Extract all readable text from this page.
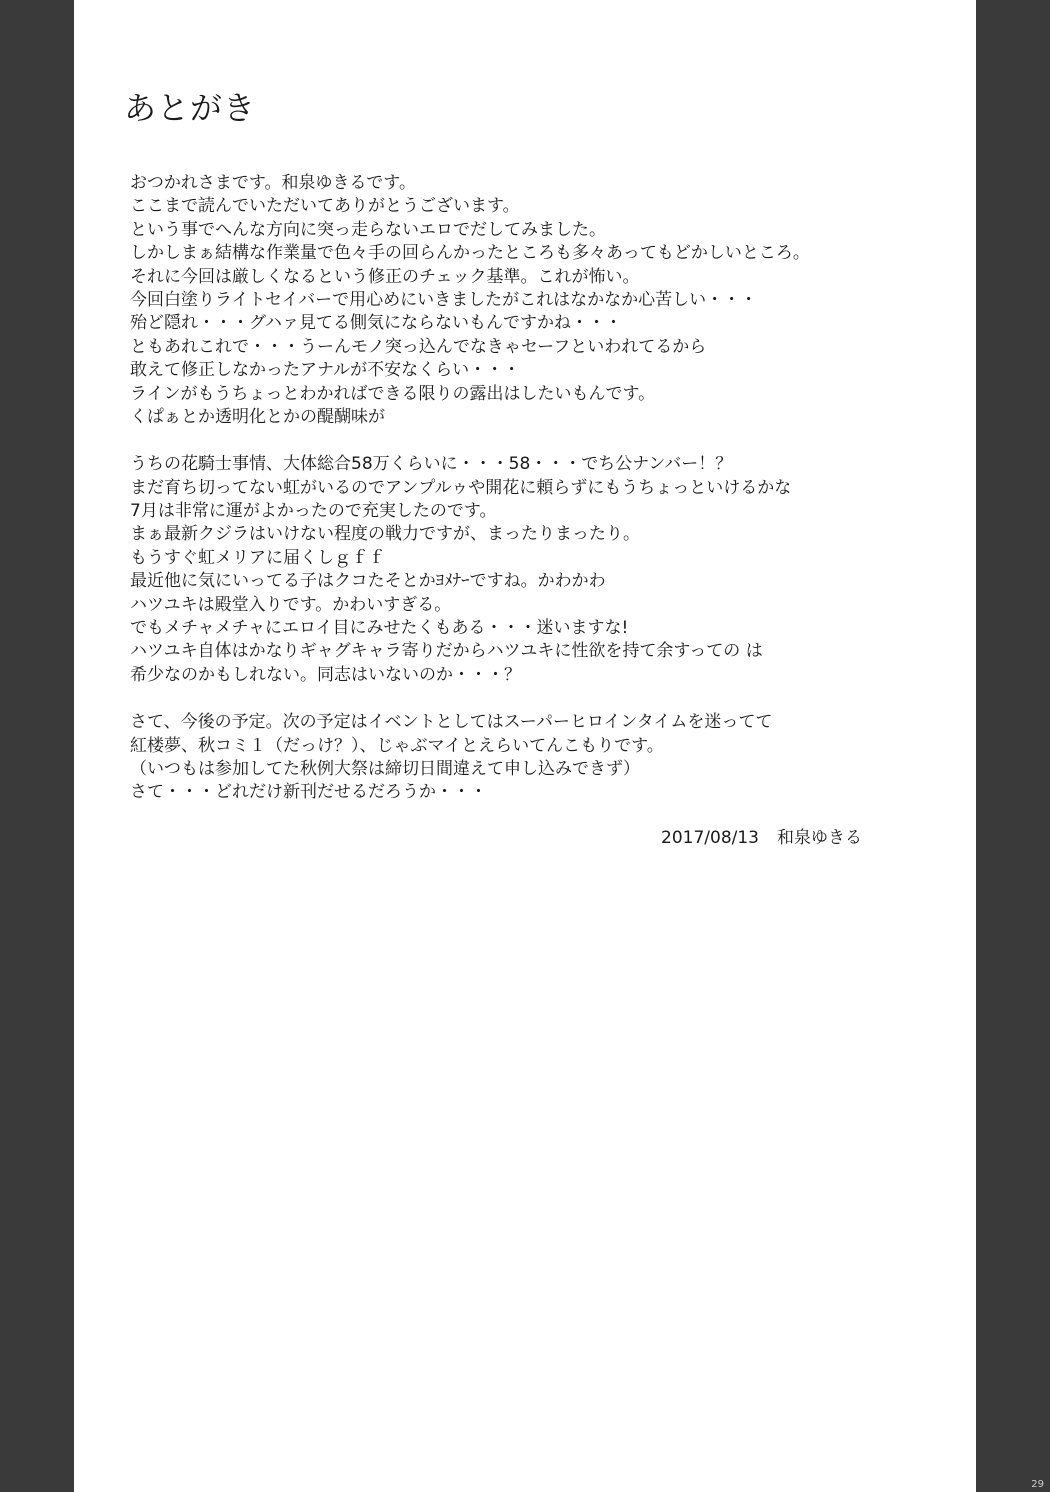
あとがき
おつかれさまです。和泉ゆきるです。
ここまで読んでいただいてありがとうございます。
という事でへんな方向に突っ走らないエロでだしてみました。
しかしまぁ結構な作業量で色々手の回らんかったところも多々あってもどかしいところ。
それに今回は厳しくなるという修正のチェック基準。これが怖い。
今回白塗りライトセイバーで用心めにいきましたがこれはなかなか心苦しい・・・
殆ど隠れ・・・グハァ見てる側気にならないもんですかね・・・
ともあれこれで・・・うーんモノ突っ込んでなきゃセーフといわれてるから
敢えて修正しなかったアナルが不安なくらい・・・
ラインがもうちょっとわかればできる限りの露出はしたいもんです。
くぱぁとか透明化とかの醍醐味が
うちの花騎士事情、大体総合58万くらいに・・・58・・・でち公ナンバー！？
まだ育ち切ってない虹がいるのでアンプルゥや開花に頼らずにもうちょっといけるかな
7月は非常に運がよかったので充実したのです。
まぁ最新クジラはいけない程度の戦力ですが、まったりまったり。
もうすぐ虹メリアに届くしｇｆｆ
最近他に気にいってる子はクコたそとかﾖﾒﾅｰですね。かわかわ
ハツユキは殿堂入りです。かわいすぎる。
でもメチャメチャにエロイ目にみせたくもある・・・迷いますな!
ハツユキ自体はかなりギャグキャラ寄りだからハツユキに性欲を持て余すっての は
希少なのかもしれない。同志はいないのか・・・？
さて、今後の予定。次の予定はイベントとしてはスーパーヒロインタイムを迷ってて
紅楼夢、秋コミ１（だっけ？）、じゃぶマイとえらいてんこもりです。
（いつもは参加してた秋例大祭は締切日間違えて申し込みできず）
さて・・・どれだけ新刊だせるだろうか・・・
2017/08/13 和泉ゆきる
29
